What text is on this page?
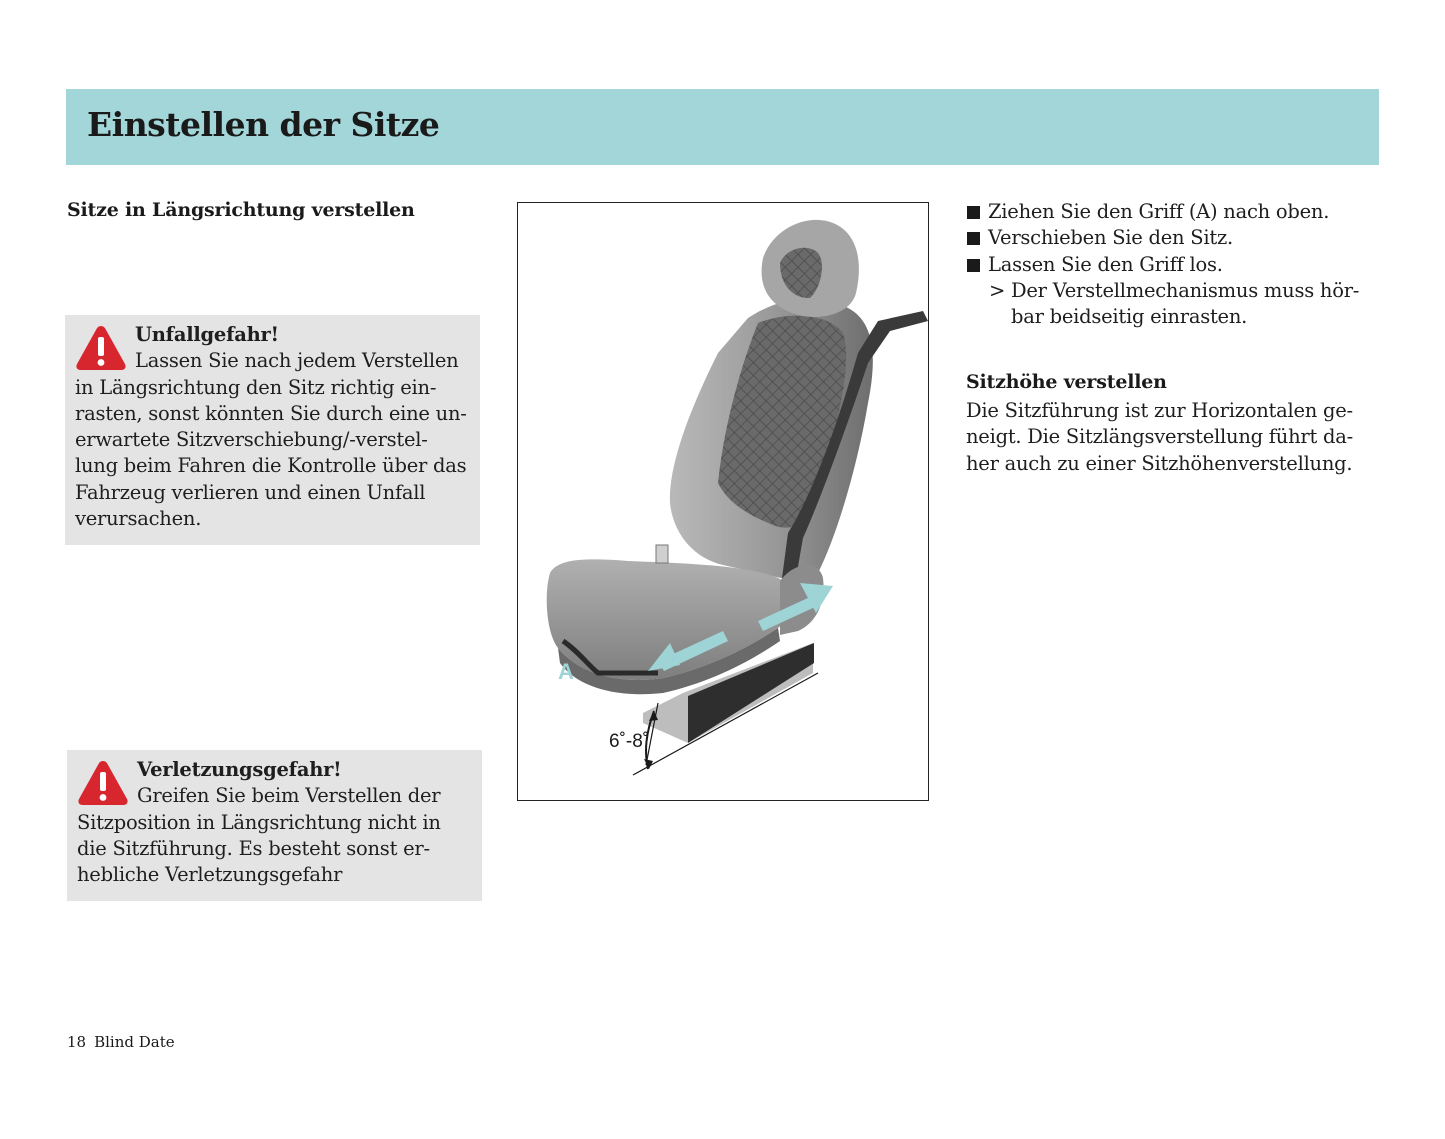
Einstellen der Sitze
Sitze in Längsrichtung verstellen
Unfallgefahr!
Lassen Sie nach jedem Verstellen in Längsrichtung den Sitz richtig ein-rasten, sonst könnten Sie durch eine un-erwartete Sitzverschiebung/-verstel-lung beim Fahren die Kontrolle über das Fahrzeug verlieren und einen Unfall verursachen.
Verletzungsgefahr!
Greifen Sie beim Verstellen der Sitzposition in Längsrichtung nicht in die Sitzführung. Es besteht sonst er-hebliche Verletzungsgefahr
A
6˚-8˚
Ziehen Sie den Griff (A) nach oben.
Verschieben Sie den Sitz.
Lassen Sie den Griff los.
> Der Verstellmechanismus muss hör-bar beidseitig einrasten.
Sitzhöhe verstellen

Die Sitzführung ist zur Horizontalen ge-neigt. Die Sitzlängsverstellung führt da-her auch zu einer Sitzhöhenverstellung.

18 Blind Date
